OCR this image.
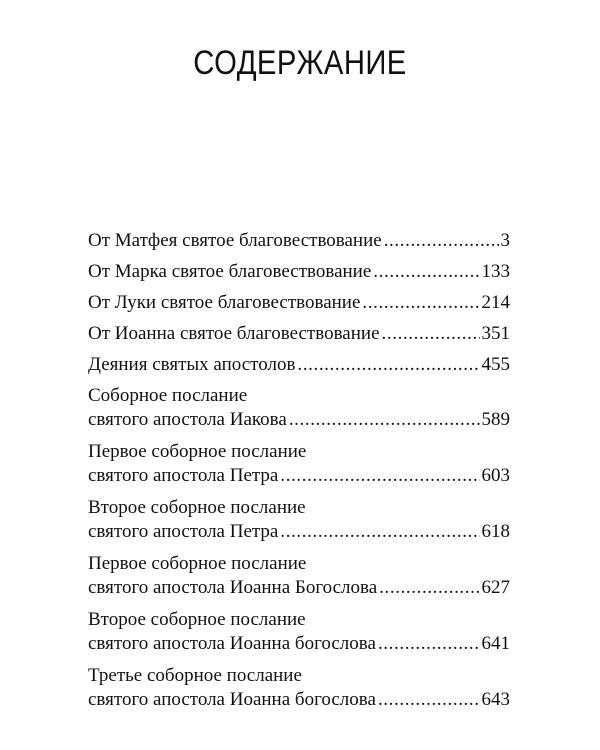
СОДЕРЖАНИЕ
От Матфея святое благовествование .....	3
От Марка святое благовествование .....	133
От Луки святое благовествование .....	214
От Иоанна святое благовествование .....	351
Деяния святых апостолов .....	455
Соборное послание
святого апостола Иакова .....	589
Первое соборное послание
святого апостола Петра .....	603
Второе соборное послание
святого апостола Петра .....	618
Первое соборное послание
святого апостола Иоанна Богослова .....	627
Второе соборное послание
святого апостола Иоанна богослова .....	641
Третье соборное послание
святого апостола Иоанна богослова .....	643
